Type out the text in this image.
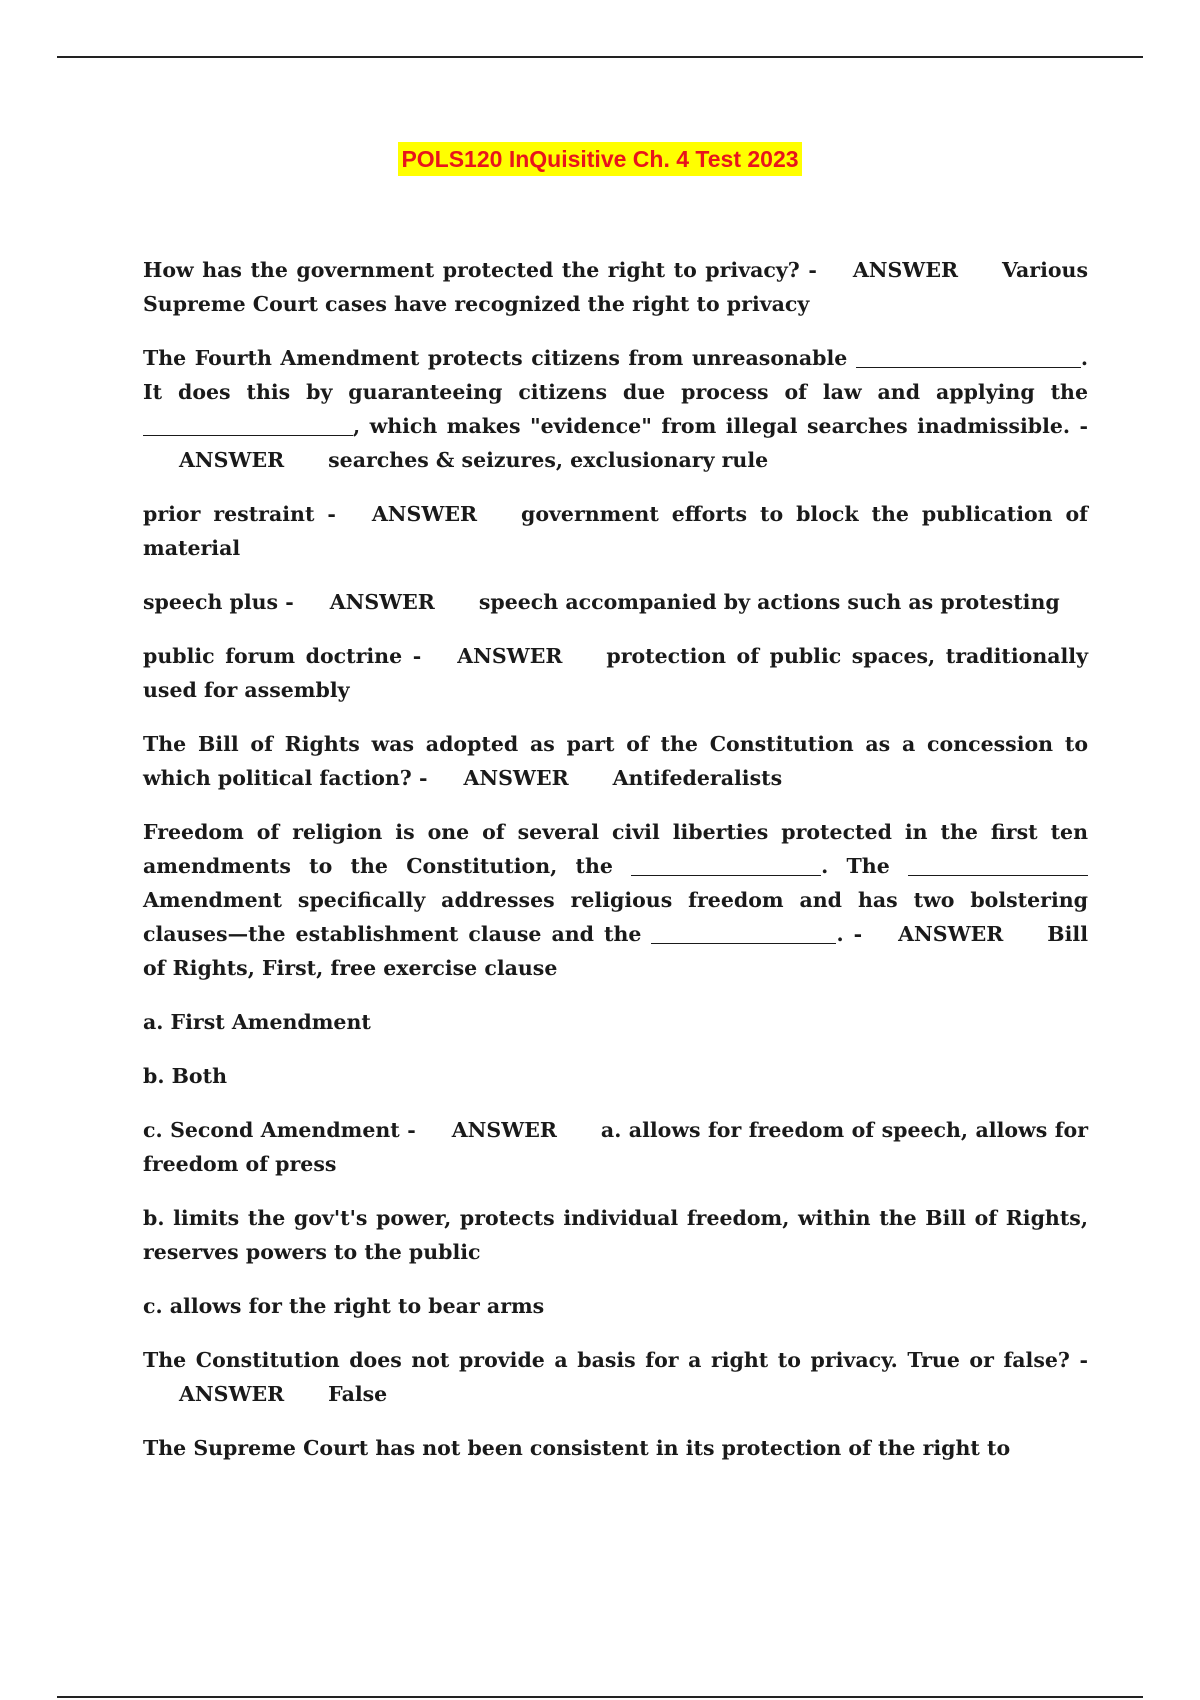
POLS120 InQuisitive Ch. 4 Test 2023

How has the government protected the right to privacy? - ANSWER Various Supreme Court cases have recognized the right to privacy

The Fourth Amendment protects citizens from unreasonable	. It does this by guaranteeing citizens due process of law and applying the , which makes "evidence" from illegal searches inadmissible. -ANSWER searches & seizures, exclusionary rule

prior restraint - ANSWER government efforts to block the publication of material

speech plus - ANSWER speech accompanied by actions such as protesting

public forum doctrine - ANSWER protection of public spaces, traditionally used for assembly

The Bill of Rights was adopted as part of the Constitution as a concession to which political faction? - ANSWER Antifederalists

Freedom of religion is one of several civil liberties protected in the first ten amendments to the Constitution, the	. The  Amendment specifically addresses religious freedom and has two bolstering clauses—the establishment clause and the	. - ANSWER Bill of Rights, First, free exercise clause

a. First Amendment

b. Both

c. Second Amendment - ANSWER a. allows for freedom of speech, allows for freedom of press

b. limits the gov't's power, protects individual freedom, within the Bill of Rights, reserves powers to the public

c. allows for the right to bear arms

The Constitution does not provide a basis for a right to privacy. True or false? -ANSWER False

The Supreme Court has not been consistent in its protection of the right to
